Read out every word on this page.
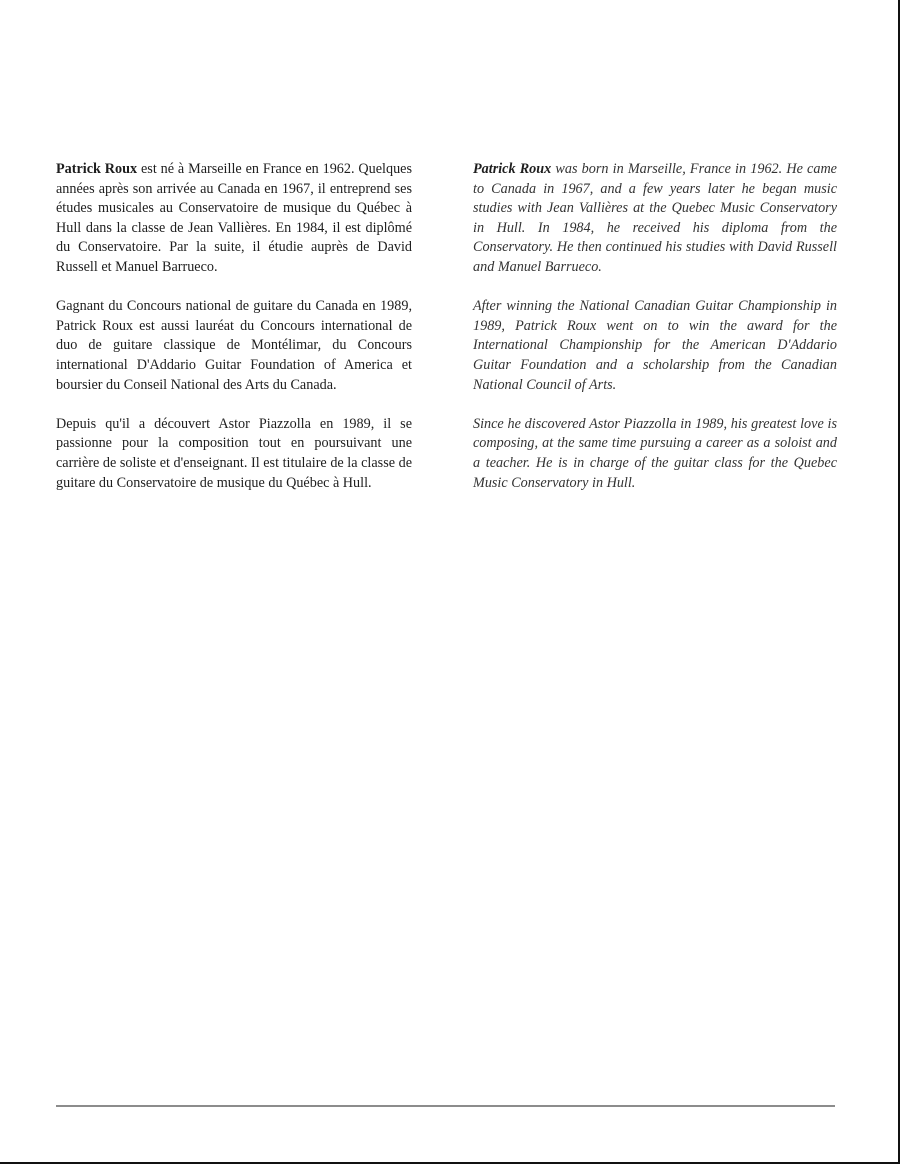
Patrick Roux est né à Marseille en France en 1962. Quelques années après son arrivée au Canada en 1967, il entreprend ses études musicales au Conservatoire de musique du Québec à Hull dans la classe de Jean Vallières. En 1984, il est diplômé du Conservatoire. Par la suite, il étudie auprès de David Russell et Manuel Barrueco.

Gagnant du Concours national de guitare du Canada en 1989, Patrick Roux est aussi lauréat du Concours international de duo de guitare classique de Montélimar, du Concours international D'Addario Guitar Foundation of America et boursier du Conseil National des Arts du Canada.

Depuis qu'il a découvert Astor Piazzolla en 1989, il se passionne pour la composition tout en poursuivant une carrière de soliste et d'enseignant. Il est titulaire de la classe de guitare du Conservatoire de musique du Québec à Hull.

Patrick Roux was born in Marseille, France in 1962. He came to Canada in 1967, and a few years later he began music studies with Jean Vallières at the Quebec Music Conservatory in Hull. In 1984, he received his diploma from the Conservatory. He then continued his studies with David Russell and Manuel Barrueco.

After winning the National Canadian Guitar Championship in 1989, Patrick Roux went on to win the award for the International Championship for the American D'Addario Guitar Foundation and a scholarship from the Canadian National Council of Arts.

Since he discovered Astor Piazzolla in 1989, his greatest love is composing, at the same time pursuing a career as a soloist and a teacher. He is in charge of the guitar class for the Quebec Music Conservatory in Hull.
